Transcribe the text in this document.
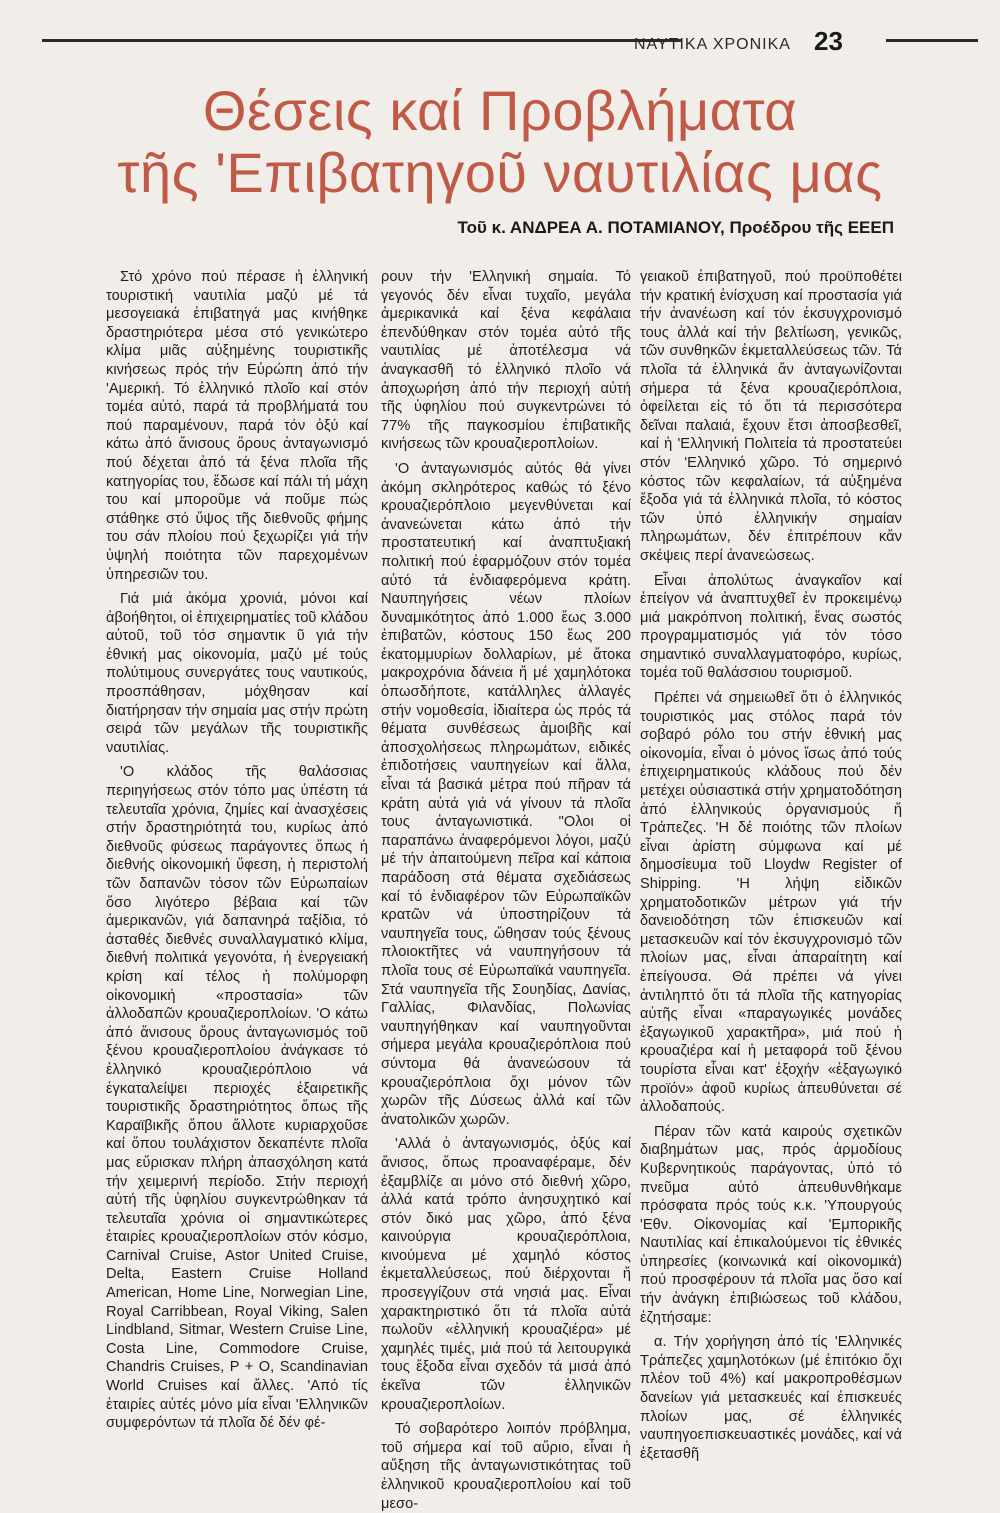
ΝΑΥΤΙΚΑ ΧΡΟΝΙΚΑ 23
Θέσεις καί Προβλήματα
τῆς 'Επιβατηγοῦ ναυτιλίας μας
Τοῦ κ. ΑΝΔΡΕΑ Α. ΠΟΤΑΜΙΑΝΟΥ, Προέδρου τῆς ΕΕΕΠ

Στό χρόνο πού πέρασε ἡ ἑλληνική τουριστική ναυτιλία μαζύ μέ τά μεσογειακά ἐπιβατηγά μας κινήθηκε δραστηριότερα μέσα στό γενικώτερο κλίμα μιᾶς αὐξημένης τουριστικῆς κινήσεως πρός τήν Εὐρώπη ἀπό τήν 'Αμερική. Τό ἑλληνικό πλοῖο καί στόν τομέα αὐτό, παρά τά προβλήματά του πού παραμένουν, παρά τόν ὀξύ καί κάτω ἀπό ἄνισους ὅρους ἀνταγωνισμό πού δέχεται ἀπό τά ξένα πλοῖα τῆς κατηγορίας του, ἔδωσε καί πάλι τή μάχη του καί μποροῦμε νά ποῦμε πώς στάθηκε στό ὕψος τῆς διεθνοῦς φήμης του σάν πλοίου πού ξεχωρίζει γιά τήν ὑψηλή ποιότητα τῶν παρεχομένων ὑπηρεσιῶν του.

Γιά μιά ἀκόμα χρονιά, μόνοι καί ἀβοήθητοι, οἱ ἐπιχειρηματίες τοῦ κλάδου αὐτοῦ, τοῦ τόσ σημαντικ ῦ γιά τήν ἐθνική μας οἰκονομία, μαζύ μέ τούς πολύτιμους συνεργάτες τους ναυτικούς, προσπάθησαν, μόχθησαν καί διατήρησαν τήν σημαία μας στήν πρώτη σειρά τῶν μεγάλων τῆς τουριστικῆς ναυτιλίας.

'Ο κλάδος τῆς θαλάσσιας περιηγήσεως στόν τόπο μας ὑπέστη τά τελευταῖα χρόνια, ζημίες καί ἀνασχέσεις στήν δραστηριότητά του, κυρίως ἀπό διεθνοῦς φύσεως παράγοντες ὅπως ἡ διεθνής οἰκονομική ὕφεση, ἡ περιστολή τῶν δαπανῶν τόσον τῶν Εὐρωπαίων ὅσο λιγότερο βέβαια καί τῶν ἀμερικανῶν, γιά δαπανηρά ταξίδια, τό ἀσταθές διεθνές συναλλαγματικό κλίμα, διεθνή πολιτικά γεγονότα, ἡ ἐνεργειακή κρίση καί τέλος ἡ πολύμορφη οἰκονομική «προστασία» τῶν ἀλλοδαπῶν κρουαζιεροπλοίων. 'Ο κάτω ἀπό ἄνισους ὅρους ἀνταγωνισμός τοῦ ξένου κρουαζιεροπλοίου ἀνάγκασε τό ἑλληνικό κρουαζιερόπλοιο νά ἐγκαταλείψει περιοχές ἐξαιρετικῆς τουριστικῆς δραστηριότητος ὅπως τῆς Καραϊβικῆς ὅπου ἄλλοτε κυριαρχοῦσε καί ὅπου τουλάχιστον δεκαπέντε πλοῖα μας εὕρισκαν πλήρη ἀπασχόληση κατά τήν χειμερινή περίοδο. Στήν περιοχή αὐτή τῆς ὑφηλίου συγκεντρώθηκαν τά τελευταῖα χρόνια οἱ σημαντικώτερες ἑταιρίες κρουαζιεροπλοίων στόν κόσμο, Carnival Cruise, Astor United Cruise, Delta, Eastern Cruise Holland American, Home Line, Norwegian Line, Royal Carribbean, Royal Viking, Salen Lindbland, Sitmar, Western Cruise Line, Costa Line, Commodore Cruise, Chandris Cruises, P + O, Scandinavian World Cruises καί ἄλλες. 'Από τίς ἑταιρίες αὐτές μόνο μία εἶναι 'Ελληνικῶν συμφερόντων τά πλοῖα δέ δέν φέ-

ρουν τήν 'Ελληνική σημαία. Τό γεγονός δέν εἶναι τυχαῖο, μεγάλα ἀμερικανικά καί ξένα κεφάλαια ἐπενδύθηκαν στόν τομέα αὐτό τῆς ναυτιλίας μέ ἀποτέλεσμα νά ἀναγκασθῆ τό ἑλληνικό πλοῖο νά ἀποχωρήση ἀπό τήν περιοχή αὐτή τῆς ὑφηλίου πού συγκεντρώνει τό 77% τῆς παγκοσμίου ἐπιβατικῆς κινήσεως τῶν κρουαζιεροπλοίων.

'Ο ἀνταγωνισμός αὐτός θά γίνει ἀκόμη σκληρότερος καθώς τό ξένο κρουαζιερόπλοιο μεγενθύνεται καί ἀνανεώνεται κάτω ἀπό τήν προστατευτική καί ἀναπτυξιακή πολιτική πού ἐφαρμόζουν στόν τομέα αὐτό τά ἐνδιαφερόμενα κράτη. Ναυπηγήσεις νέων πλοίων δυναμικότητος ἀπό 1.000 ἕως 3.000 ἐπιβατῶν, κόστους 150 ἕως 200 ἑκατομμυρίων δολλαρίων, μέ ἄτοκα μακροχρόνια δάνεια ἤ μέ χαμηλότοκα ὁπωσδήποτε, κατάλληλες ἀλλαγές στήν νομοθεσία, ἰδιαίτερα ὡς πρός τά θέματα συνθέσεως ἀμοιβῆς καί ἀποσχολήσεως πληρωμάτων, ειδικές ἐπιδοτήσεις ναυπηγείων καί ἄλλα, εἶναι τά βασικά μέτρα πού πῆραν τά κράτη αὐτά γιά νά γίνουν τά πλοῖα τους ἀνταγωνιστικά. "Ολοι οἱ παραπάνω ἀναφερόμενοι λόγοι, μαζύ μέ τήν ἀπαιτούμενη πεῖρα καί κάποια παράδοση στά θέματα σχεδιάσεως καί τό ἐνδιαφέρον τῶν Εὐρωπαϊκῶν κρατῶν νά ὑποστηρίζουν τά ναυπηγεῖα τους, ὤθησαν τούς ξένους πλοιοκτῆτες νά ναυπηγήσουν τά πλοῖα τους σέ Εὐρωπαϊκά ναυπηγεῖα. Στά ναυπηγεῖα τῆς Σουηδίας, Δανίας, Γαλλίας, Φιλανδίας, Πολωνίας ναυπηγήθηκαν καί ναυπηγοῦνται σήμερα μεγάλα κρουαζιερόπλοια πού σύντομα θά ἀνανεώσουν τά κρουαζιερόπλοια ὄχι μόνον τῶν χωρῶν τῆς Δύσεως ἀλλά καί τῶν ἀνατολικῶν χωρῶν.

'Αλλά ὁ ἀνταγωνισμός, ὀξύς καί ἄνισος, ὅπως προαναφέραμε, δέν ἐξαμβλίζε αι μόνο στό διεθνή χῶρο, ἀλλά κατά τρόπο ἀνησυχητικό καί στόν δικό μας χῶρο, ἀπό ξένα καινούργια κρουαζιερόπλοια, κινούμενα μέ χαμηλό κόστος ἐκμεταλλεύσεως, πού διέρχονται ἤ προσεγγίζουν στά νησιά μας. Εἶναι χαρακτηριστικό ὅτι τά πλοῖα αὐτά πωλοῦν «ἑλληνική κρουαζιέρα» μέ χαμηλές τιμές, μιά πού τά λειτουργικά τους ἔξοδα εἶναι σχεδόν τά μισά ἀπό ἐκεῖνα τῶν ἑλληνικῶν κρουαζιεροπλοίων.

Τό σοβαρότερο λοιπόν πρόβλημα, τοῦ σήμερα καί τοῦ αὔριο, εἶναι ἡ αὔξηση τῆς ἀνταγωνιστικότητας τοῦ ἑλληνικοῦ κρουαζιεροπλοίου καί τοῦ μεσο-

γειακοῦ ἐπιβατηγοῦ, πού προϋποθέτει τήν κρατική ἐνίσχυση καί προστασία γιά τήν ἀνανέωση καί τόν ἐκσυγχρονισμό τους ἀλλά καί τήν βελτίωση, γενικῶς, τῶν συνθηκῶν ἐκμεταλλεύσεως τῶν. Τά πλοῖα τά ἑλληνικά ἄν ἀνταγωνίζονται σήμερα τά ξένα κρουαζιερόπλοια, ὀφείλεται εἰς τό ὅτι τά περισσότερα δεῖναι παλαιά, ἔχουν ἔτσι ἀποσβεσθεῖ, καί ἡ 'Ελληνική Πολιτεία τά προστατεύει στόν 'Ελληνικό χῶρο. Τό σημερινό κόστος τῶν κεφαλαίων, τά αὐξημένα ἔξοδα γιά τά ἑλληνικά πλοῖα, τό κόστος τῶν ὑπό ἑλληνικήν σημαίαν πληρωμάτων, δέν ἐπιτρέπουν κἄν σκέψεις περί ἀνανεώσεως.

Εἶναι ἀπολύτως ἀναγκαῖον καί ἐπείγον νά ἀναπτυχθεῖ ἐν προκειμένῳ μιά μακρόπνοη πολιτική, ἕνας σωστός προγραμματισμός γιά τόν τόσο σημαντικό συναλλαγματοφόρο, κυρίως, τομέα τοῦ θαλάσσιου τουρισμοῦ.

Πρέπει νά σημειωθεῖ ὅτι ὁ ἑλληνικός τουριστικός μας στόλος παρά τόν σοβαρό ρόλο του στήν ἐθνική μας οἰκονομία, εἶναι ὁ μόνος ἴσως ἀπό τούς ἐπιχειρηματικούς κλάδους πού δέν μετέχει οὐσιαστικά στήν χρηματοδότηση ἀπό ἑλληνικούς ὀργανισμούς ἤ Τράπεζες. 'Η δέ ποιότης τῶν πλοίων εἶναι ἀρίστη σύμφωνα καί μέ δημοσίευμα τοῦ Lloydw Register of Shipping. 'Η λήψη εἰδικῶν χρηματοδοτικῶν μέτρων γιά τήν δανειοδότηση τῶν ἐπισκευῶν καί μετασκευῶν καί τόν ἐκσυγχρονισμό τῶν πλοίων μας, εἶναι ἀπαραίτητη καί ἐπείγουσα. Θά πρέπει νά γίνει ἀντιληπτό ὅτι τά πλοῖα τῆς κατηγορίας αὐτῆς εἶναι «παραγωγικές μονάδες ἐξαγωγικοῦ χαρακτῆρα», μιά πού ἡ κρουαζιέρα καί ἡ μεταφορά τοῦ ξένου τουρίστα εἶναι κατ' ἐξοχήν «ἐξαγωγικό προϊόν» ἀφοῦ κυρίως ἀπευθύνεται σέ ἀλλοδαπούς.

Πέραν τῶν κατά καιρούς σχετικῶν διαβημάτων μας, πρός ἁρμοδίους Κυβερνητικούς παράγοντας, ὑπό τό πνεῦμα αὐτό ἀπευθυνθήκαμε πρόσφατα πρός τούς κ.κ. 'Υπουργούς 'Εθν. Οἰκονομίας καί 'Εμπορικῆς Ναυτιλίας καί ἐπικαλούμενοι τίς ἐθνικές ὑπηρεσίες (κοινωνικά καί οἰκονομικά) πού προσφέρουν τά πλοῖα μας ὅσο καί τήν ἀνάγκη ἐπιβιώσεως τοῦ κλάδου, ἐζητήσαμε:

α. Τήν χορήγηση ἀπό τίς 'Ελληνικές Τράπεζες χαμηλοτόκων (μέ ἐπιτόκιο ὄχι πλέον τοῦ 4%) καί μακροπροθέσμων δανείων γιά μετασκευές καί ἐπισκευές πλοίων μας, σέ ἑλληνικές ναυπηγοεπισκευαστικές μονάδες, καί νά ἐξετασθῆ
